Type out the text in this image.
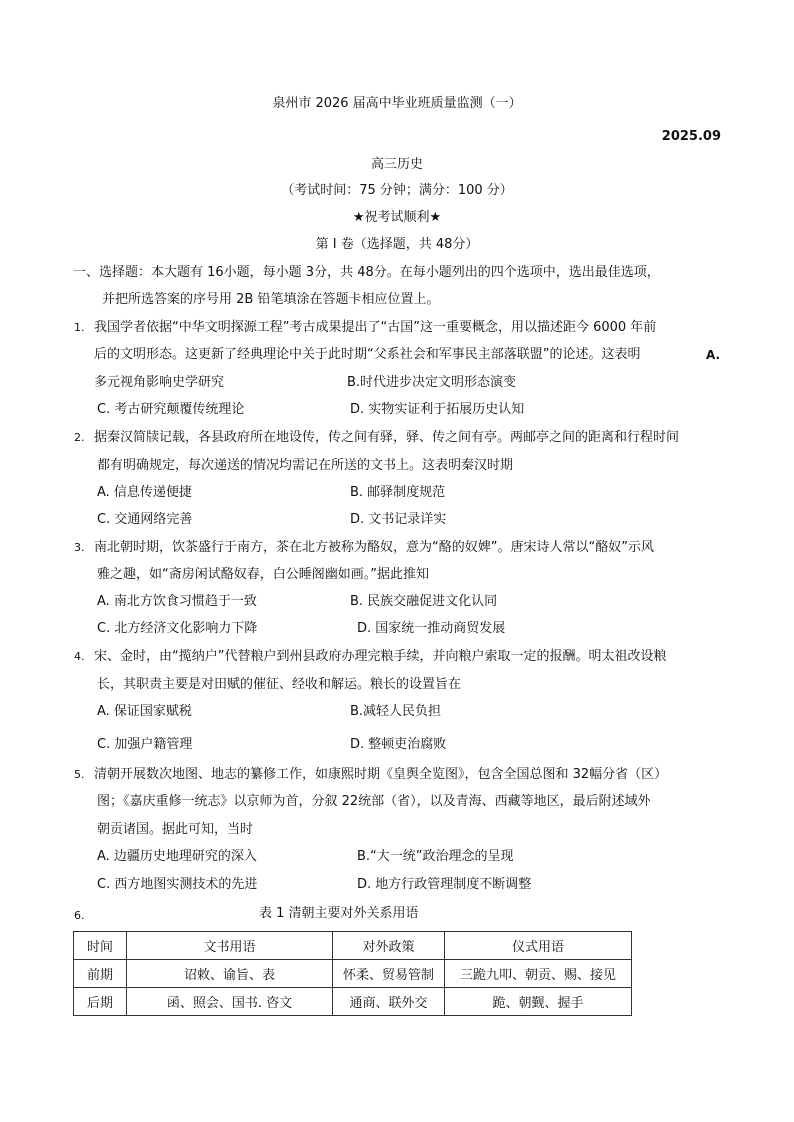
泉州市 2026 届高中毕业班质量监测（一）
2025.09
高三历史
（考试时间：75 分钟；满分：100 分）
★祝考试顺利★
第 I 卷（选择题，共 48分）
一、选择题：本大题有 16小题，每小题 3分，共 48分。在每小题列出的四个选项中，选出最佳选项，
并把所选答案的序号用 2B 铅笔填涂在答题卡相应位置上。
1. 我国学者依据“中华文明探源工程”考古成果提出了“古国”这一重要概念，用以描述距今 6000 年前
后的文明形态。这更新了经典理论中关于此时期“父系社会和军事民主部落联盟”的论述。这表明	A.
多元视角影响史学研究	B.时代进步决定文明形态演变
C. 考古研究颠覆传统理论	D. 实物实证利于拓展历史认知
2. 据秦汉简牍记载，各县政府所在地设传，传之间有驿，驿、传之间有亭。两邮亭之间的距离和行程时间
都有明确规定，每次递送的情况均需记在所送的文书上。这表明秦汉时期
A. 信息传递便捷	B. 邮驿制度规范
C. 交通网络完善	D. 文书记录详实
3. 南北朝时期，饮茶盛行于南方，茶在北方被称为酪奴，意为“酪的奴婢”。唐宋诗人常以“酪奴”示风
雅之趣，如“斋房闲试酪奴春，白公睡阁幽如画。”据此推知
A. 南北方饮食习惯趋于一致	B. 民族交融促进文化认同
C. 北方经济文化影响力下降	D. 国家统一推动商贸发展
4. 宋、金时，由“揽纳户”代替粮户到州县政府办理完粮手续，并向粮户索取一定的报酬。明太祖改设粮
长，其职责主要是对田赋的催征、经收和解运。粮长的设置旨在
A. 保证国家赋税	B.减轻人民负担
C. 加强户籍管理	D. 整顿吏治腐败
5. 清朝开展数次地图、地志的纂修工作，如康熙时期《皇舆全览图》，包含全国总图和 32幅分省（区）
图；《嘉庆重修一统志》以京师为首，分叙 22统部（省），以及青海、西藏等地区，最后附述域外
朝贡诸国。据此可知，当时
A. 边疆历史地理研究的深入	B.“大一统”政治理念的呈现
C. 西方地图实测技术的先进	D. 地方行政管理制度不断调整
6.	表 1 清朝主要对外关系用语
时间	文书用语	对外政策	仪式用语
前期	诏敕、谕旨、表	怀柔、贸易管制	三跪九叩、朝贡、赐、接见
后期	函、照会、国书. 咨文	通商、联外交	跪、朝觐、握手
